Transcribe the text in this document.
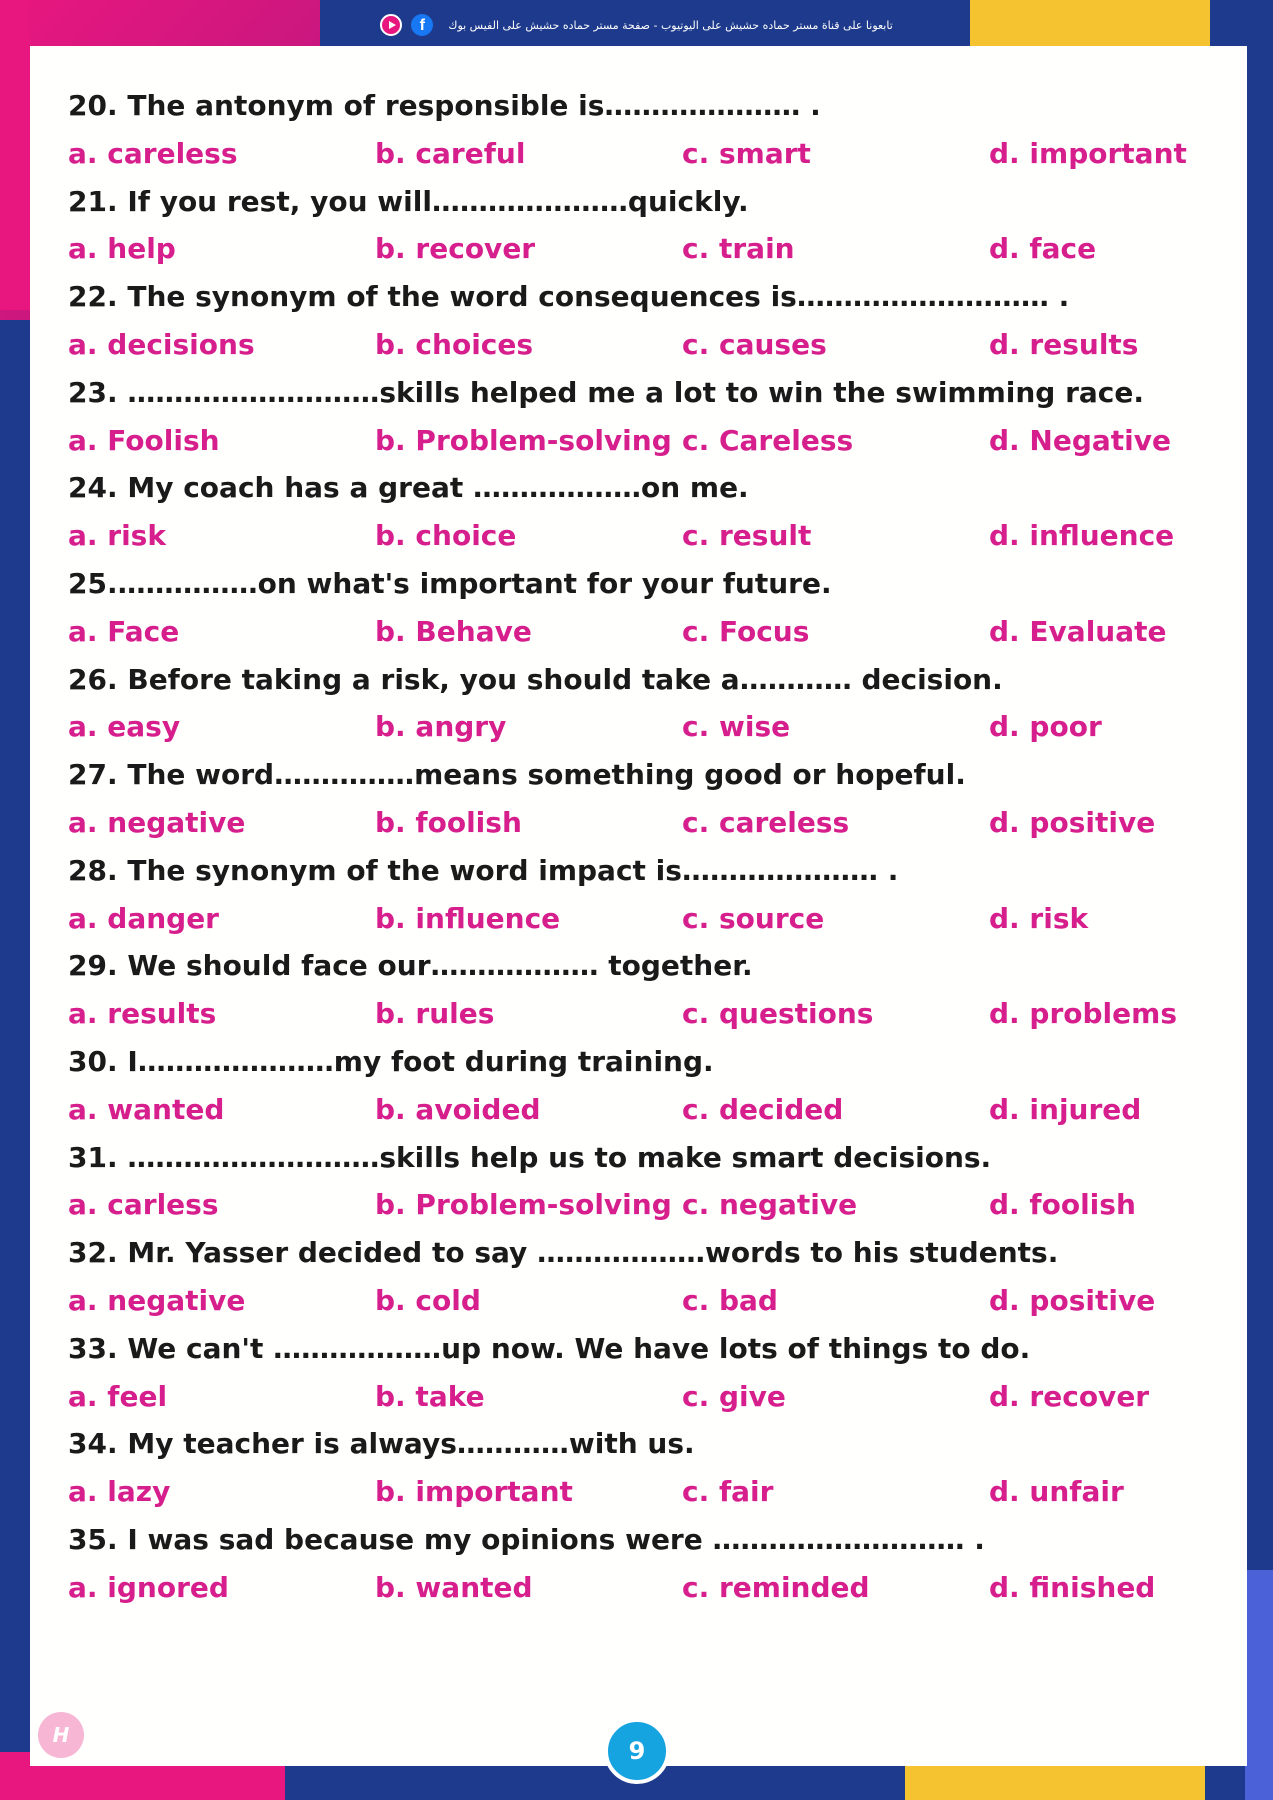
f تابعونا على قناة مستر حماده حشيش على اليوتيوب - صفحة مستر حماده حشيش على الفيس بوك
20. The antonym of responsible is………………… .
a. careless	b. careful	c. smart	d. important
21. If you rest, you will…………………quickly.
a. help	b. recover	c. train	d. face
22. The synonym of the word consequences is……………………… .
a. decisions	b. choices	c. causes	d. results
23. ………………………skills helped me a lot to win the swimming race.
a. Foolish	b. Problem-solving c. Careless	d. Negative
24. My coach has a great ………………on me.
a. risk	b. choice	c. result	d. influence
25.……………on what's important for your future.
a. Face	b. Behave	c. Focus	d. Evaluate
26. Before taking a risk, you should take a………… decision.
a. easy	b. angry	c. wise	d. poor
27. The word……………means something good or hopeful.
a. negative	b. foolish	c. careless	d. positive
28. The synonym of the word impact is………………… .
a. danger	b. influence	c. source	d. risk
29. We should face our……………… together.
a. results	b. rules	c. questions	d. problems
30. I…………………my foot during training.
a. wanted	b. avoided	c. decided	d. injured
31. ………………………skills help us to make smart decisions.
a. carless	b. Problem-solving c. negative	d. foolish
32. Mr. Yasser decided to say ………………words to his students.
a. negative	b. cold	c. bad	d. positive
33. We can't ………………up now. We have lots of things to do.
a. feel	b. take	c. give	d. recover
34. My teacher is always…………with us.
a. lazy	b. important	c. fair	d. unfair
35. I was sad because my opinions were ……………………… .
a. ignored	b. wanted	c. reminded	d. finished
H
9
